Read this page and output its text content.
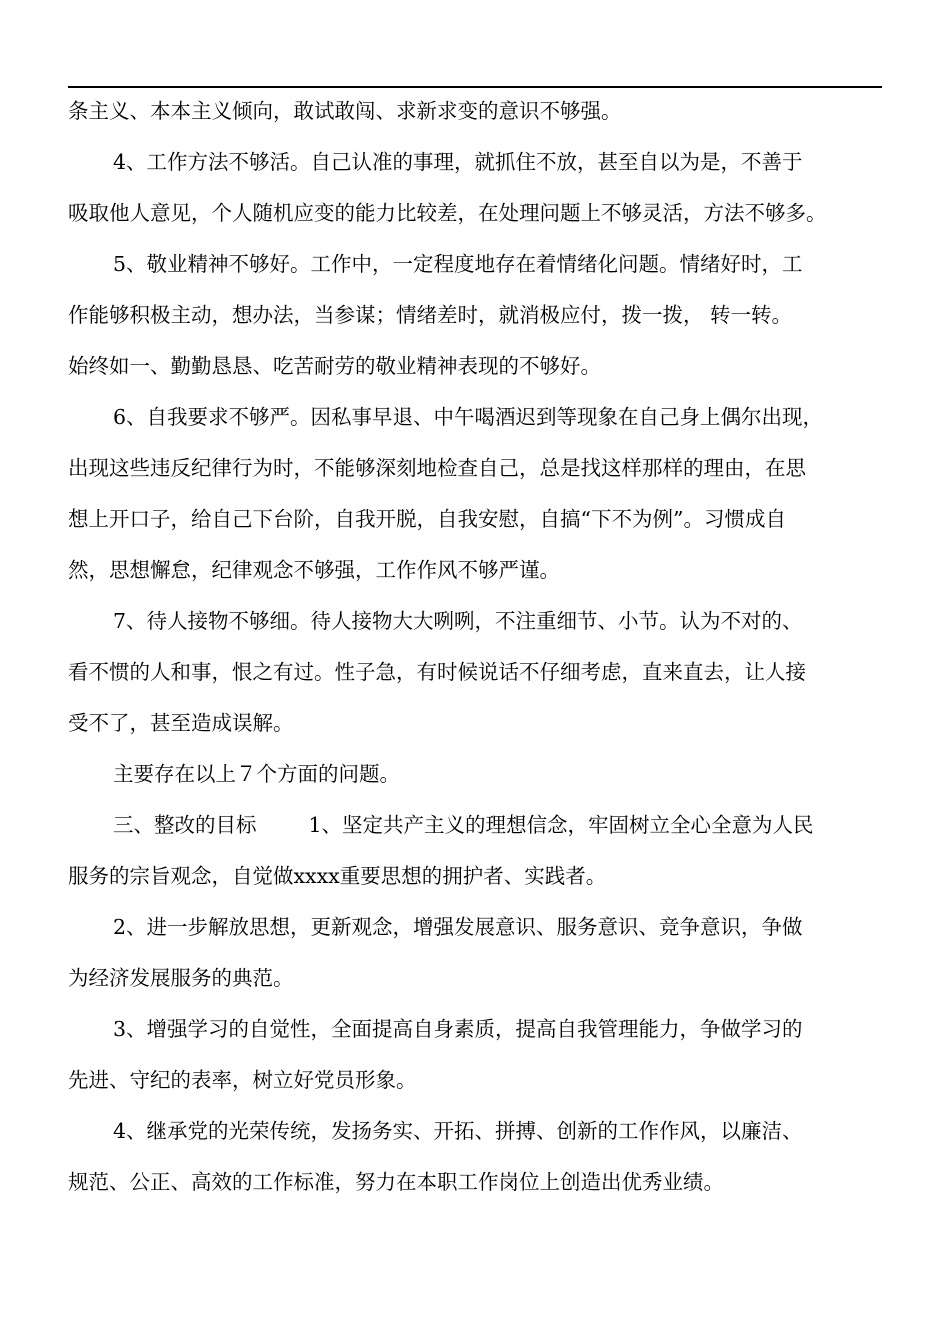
条主义、本本主义倾向，敢试敢闯、求新求变的意识不够强。
4、工作方法不够活。自己认准的事理，就抓住不放，甚至自以为是，不善于
吸取他人意见，个人随机应变的能力比较差，在处理问题上不够灵活，方法不够多。
5、敬业精神不够好。工作中，一定程度地存在着情绪化问题。情绪好时，工
作能够积极主动，想办法，当参谋；情绪差时，就消极应付，拨一拨， 转一转。
始终如一、勤勤恳恳、吃苦耐劳的敬业精神表现的不够好。
6、自我要求不够严。因私事早退、中午喝酒迟到等现象在自己身上偶尔出现，
出现这些违反纪律行为时，不能够深刻地检查自己，总是找这样那样的理由，在思
想上开口子，给自己下台阶，自我开脱，自我安慰，自搞“下不为例”。习惯成自
然，思想懈怠，纪律观念不够强，工作作风不够严谨。
7、待人接物不够细。待人接物大大咧咧，不注重细节、小节。认为不对的、
看不惯的人和事，恨之有过。性子急，有时候说话不仔细考虑，直来直去，让人接
受不了，甚至造成误解。
主要存在以上７个方面的问题。
三、整改的目标	1、坚定共产主义的理想信念，牢固树立全心全意为人民
服务的宗旨观念，自觉做xxxx重要思想的拥护者、实践者。
2、进一步解放思想，更新观念，增强发展意识、服务意识、竞争意识，争做
为经济发展服务的典范。
3、增强学习的自觉性，全面提高自身素质，提高自我管理能力，争做学习的
先进、守纪的表率，树立好党员形象。
4、继承党的光荣传统，发扬务实、开拓、拼搏、创新的工作作风，以廉洁、
规范、公正、高效的工作标准，努力在本职工作岗位上创造出优秀业绩。
